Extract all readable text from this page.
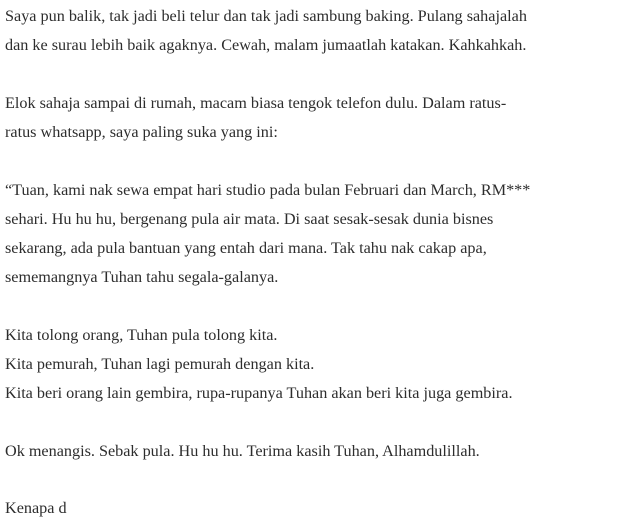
Saya pun balik, tak jadi beli telur dan tak jadi sambung baking. Pulang sahajalah
dan ke surau lebih baik agaknya. Cewah, malam jumaatlah katakan. Kahkahkah.

Elok sahaja sampai di rumah, macam biasa tengok telefon dulu. Dalam ratus-
ratus whatsapp, saya paling suka yang ini:

“Tuan, kami nak sewa empat hari studio pada bulan Februari dan March, RM***
sehari. Hu hu hu, bergenang pula air mata. Di saat sesak-sesak dunia bisnes
sekarang, ada pula bantuan yang entah dari mana. Tak tahu nak cakap apa,
sememangnya Tuhan tahu segala-galanya.

Kita tolong orang, Tuhan pula tolong kita.
Kita pemurah, Tuhan lagi pemurah dengan kita.
Kita beri orang lain gembira, rupa-rupanya Tuhan akan beri kita juga gembira.

Ok menangis. Sebak pula. Hu hu hu. Terima kasih Tuhan, Alhamdulillah.

Kenapa d
